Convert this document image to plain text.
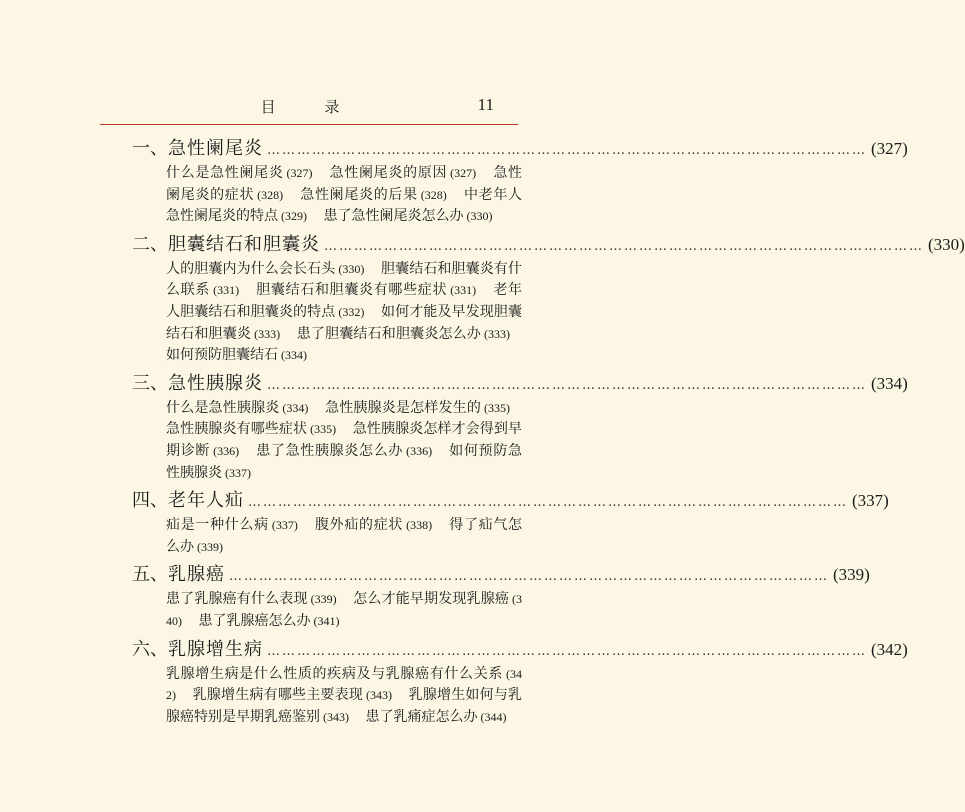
目 录	11
一、 急性阑尾炎 ………………………………………………………………………………………………………… (327)
什么是急性阑尾炎 (327) 急性阑尾炎的原因 (327) 急性阑尾炎的症状 (328) 急性阑尾炎的后果 (328) 中老年人急性阑尾炎的特点 (329) 患了急性阑尾炎怎么办 (330)
二、 胆囊结石和胆囊炎 ………………………………………………………………………………………………………… (330)
人的胆囊内为什么会长石头 (330) 胆囊结石和胆囊炎有什么联系 (331) 胆囊结石和胆囊炎有哪些症状 (331) 老年人胆囊结石和胆囊炎的特点 (332) 如何才能及早发现胆囊结石和胆囊炎 (333) 患了胆囊结石和胆囊炎怎么办 (333) 如何预防胆囊结石 (334)
三、 急性胰腺炎 ………………………………………………………………………………………………………… (334)
什么是急性胰腺炎 (334) 急性胰腺炎是怎样发生的 (335) 急性胰腺炎有哪些症状 (335) 急性胰腺炎怎样才会得到早期诊断 (336) 患了急性胰腺炎怎么办 (336) 如何预防急性胰腺炎 (337)
四、 老年人疝 ………………………………………………………………………………………………………… (337)
疝是一种什么病 (337) 腹外疝的症状 (338) 得了疝气怎么办 (339)
五、 乳腺癌 ………………………………………………………………………………………………………… (339)
患了乳腺癌有什么表现 (339) 怎么才能早期发现乳腺癌 (340) 患了乳腺癌怎么办 (341)
六、 乳腺增生病 ………………………………………………………………………………………………………… (342)
乳腺增生病是什么性质的疾病及与乳腺癌有什么关系 (342) 乳腺增生病有哪些主要表现 (343) 乳腺增生如何与乳腺癌特别是早期乳癌鉴别 (343) 患了乳痛症怎么办 (344)
